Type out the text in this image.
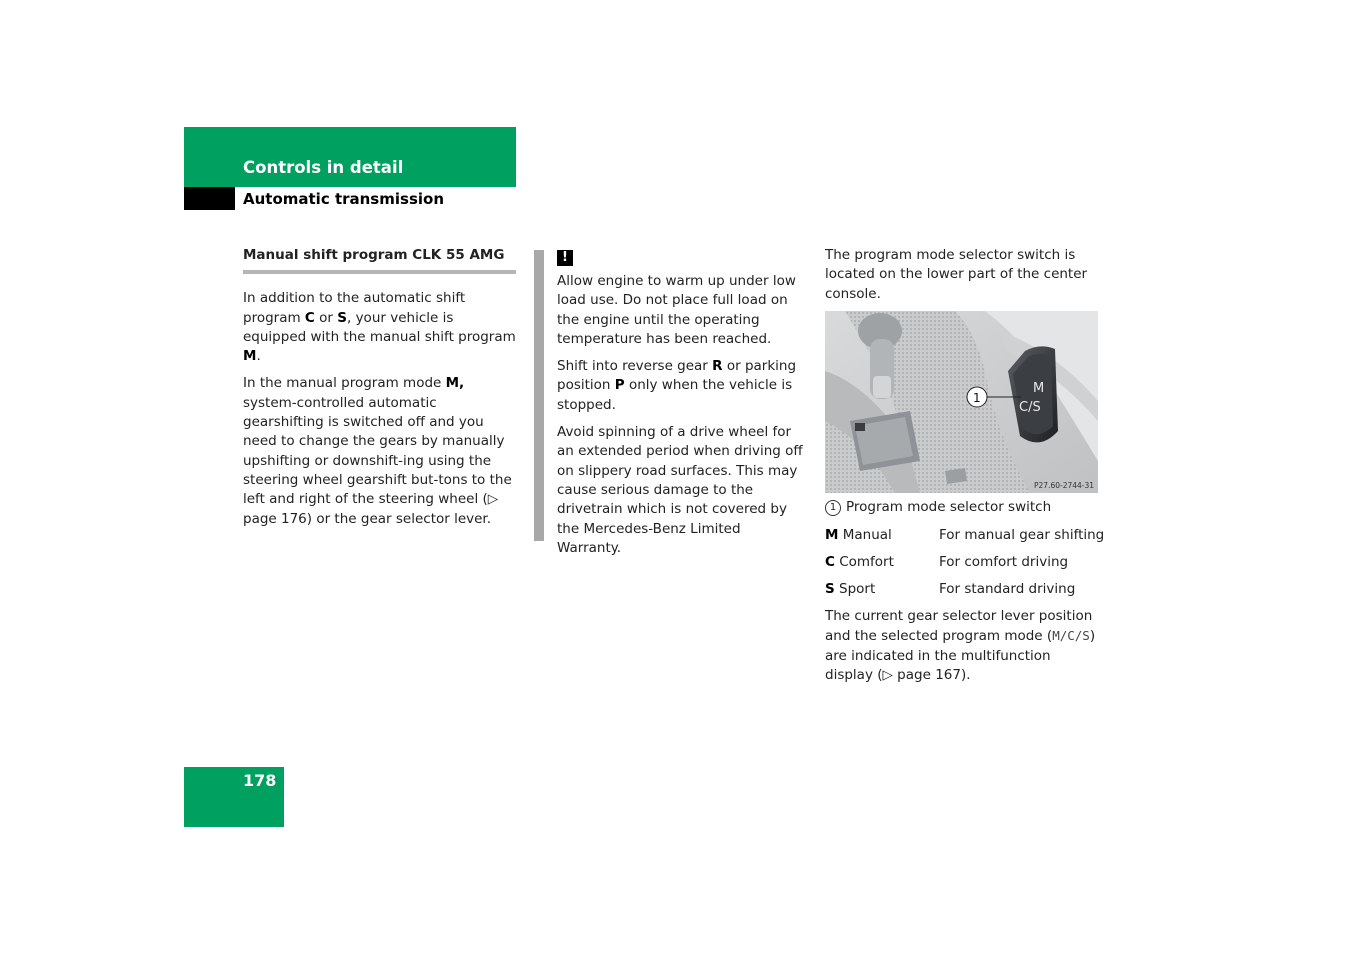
Controls in detail
Automatic transmission
Manual shift program CLK 55 AMG

In addition to the automatic shift program C or S, your vehicle is equipped with the manual shift program M.

In the manual program mode M, system-controlled automatic gearshifting is switched off and you need to change the gears by manually upshifting or downshift-ing using the steering wheel gearshift but-tons to the left and right of the steering wheel (▷ page 176) or the gear selector lever.

!

Allow engine to warm up under low load use. Do not place full load on the engine until the operating temperature has been reached.

Shift into reverse gear R or parking position P only when the vehicle is stopped.

Avoid spinning of a drive wheel for an extended period when driving off on slippery road surfaces. This may cause serious damage to the drivetrain which is not covered by the Mercedes-Benz Limited Warranty.

The program mode selector switch is located on the lower part of the center console.

M
C/S
1
P27.60-2744-31
1 Program mode selector switch
M Manual	For manual gear shifting
C Comfort	For comfort driving
S Sport	For standard driving
The current gear selector lever position and the selected program mode (M/C/S) are indicated in the multifunction display (▷ page 167).
178
